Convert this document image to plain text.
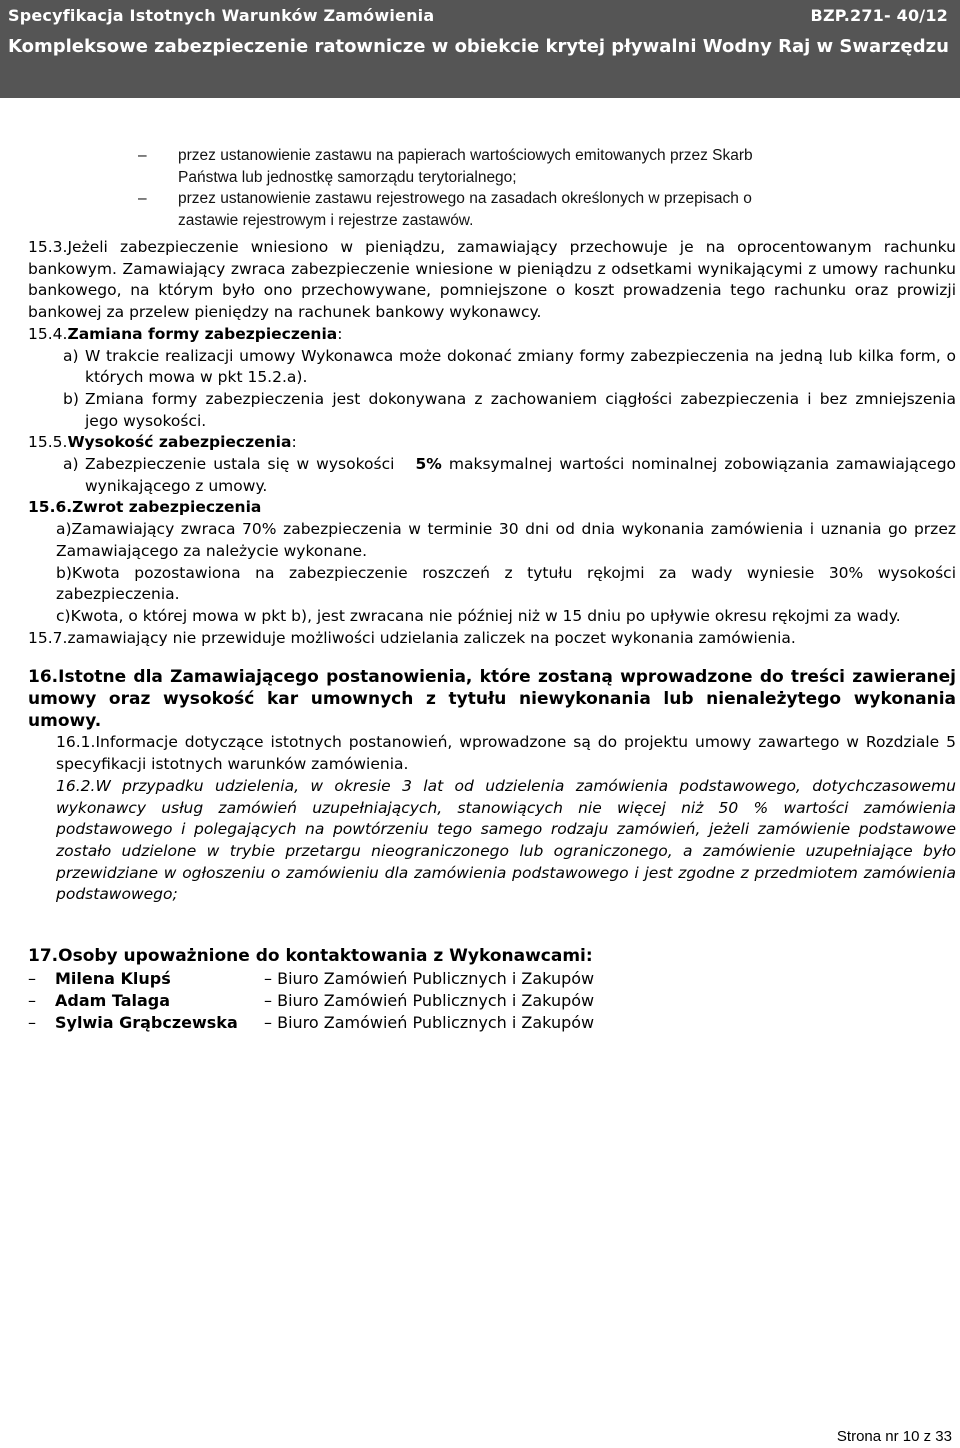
Specyfikacja Istotnych Warunków Zamówienia	BZP.271- 40/12
Kompleksowe zabezpieczenie ratownicze w obiekcie krytej pływalni Wodny Raj w Swarzędzu
– przez ustanowienie zastawu na papierach wartościowych emitowanych przez Skarb
Państwa lub jednostkę samorządu terytorialnego;
– przez ustanowienie zastawu rejestrowego na zasadach określonych w przepisach o
zastawie rejestrowym i rejestrze zastawów.

15.3.Jeżeli zabezpieczenie wniesiono w pieniądzu, zamawiający przechowuje je na oprocentowanym rachunku bankowym. Zamawiający zwraca zabezpieczenie wniesione w pieniądzu z odsetkami wynikającymi z umowy rachunku bankowego, na którym było ono przechowywane, pomniejszone o koszt prowadzenia tego rachunku oraz prowizji bankowej za przelew pieniędzy na rachunek bankowy wykonawcy.

15.4.Zamiana formy zabezpieczenia:

a) W trakcie realizacji umowy Wykonawca może dokonać zmiany formy zabezpieczenia na jedną lub kilka form, o których mowa w pkt 15.2.a).
b) Zmiana formy zabezpieczenia jest dokonywana z zachowaniem ciągłości zabezpieczenia i bez zmniejszenia jego wysokości.

15.5.Wysokość zabezpieczenia:

a) Zabezpieczenie ustala się w wysokości 5% maksymalnej wartości nominalnej zobowiązania zamawiającego wynikającego z umowy.

15.6.Zwrot zabezpieczenia

a)Zamawiający zwraca 70% zabezpieczenia w terminie 30 dni od dnia wykonania zamówienia i uznania go przez Zamawiającego za należycie wykonane.

b)Kwota pozostawiona na zabezpieczenie roszczeń z tytułu rękojmi za wady wyniesie 30% wysokości zabezpieczenia.

c)Kwota, o której mowa w pkt b), jest zwracana nie później niż w 15 dniu po upływie okresu rękojmi za wady.

15.7.zamawiający nie przewiduje możliwości udzielania zaliczek na poczet wykonania zamówienia.

16.Istotne dla Zamawiającego postanowienia, które zostaną wprowadzone do treści zawieranej umowy oraz wysokość kar umownych z tytułu niewykonania lub nienależytego wykonania umowy.

16.1.Informacje dotyczące istotnych postanowień, wprowadzone są do projektu umowy zawartego w Rozdziale 5 specyfikacji istotnych warunków zamówienia.

16.2.W przypadku udzielenia, w okresie 3 lat od udzielenia zamówienia podstawowego, dotychczasowemu wykonawcy usług zamówień uzupełniających, stanowiących nie więcej niż 50 % wartości zamówienia podstawowego i polegających na powtórzeniu tego samego rodzaju zamówień, jeżeli zamówienie podstawowe zostało udzielone w trybie przetargu nieograniczonego lub ograniczonego, a zamówienie uzupełniające było przewidziane w ogłoszeniu o zamówieniu dla zamówienia podstawowego i jest zgodne z przedmiotem zamówienia podstawowego;

17.Osoby upoważnione do kontaktowania z Wykonawcami:

– Milena Klupś	– Biuro Zamówień Publicznych i Zakupów
– Adam Talaga	– Biuro Zamówień Publicznych i Zakupów
– Sylwia Grąbczewska – Biuro Zamówień Publicznych i Zakupów
Strona nr 10 z 33
